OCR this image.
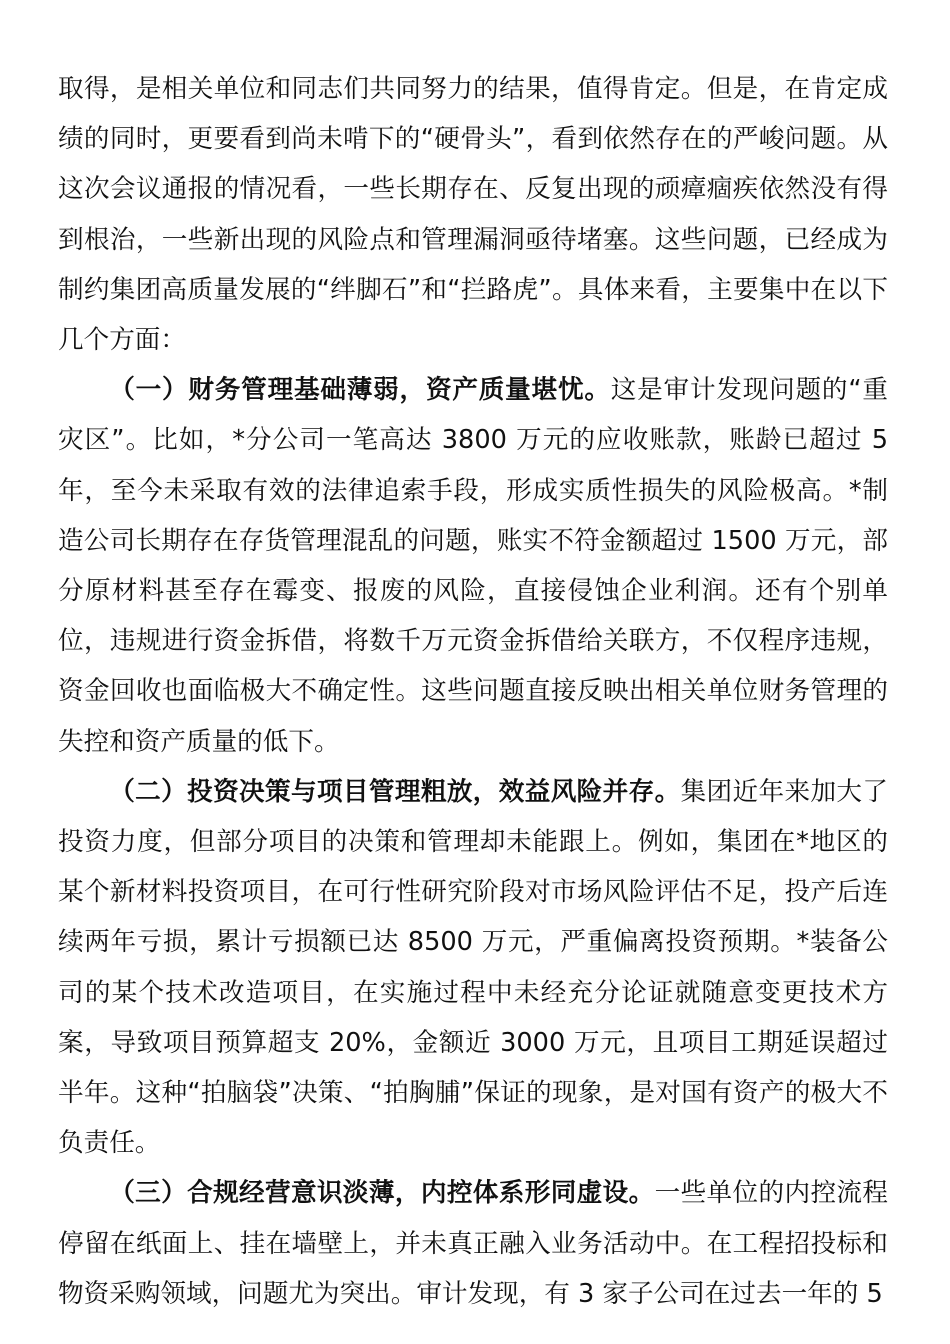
取得，是相关单位和同志们共同努力的结果，值得肯定。但是，在肯定成绩的同时，更要看到尚未啃下的“硬骨头”，看到依然存在的严峻问题。从这次会议通报的情况看，一些长期存在、反复出现的顽瘴痼疾依然没有得到根治，一些新出现的风险点和管理漏洞亟待堵塞。这些问题，已经成为制约集团高质量发展的“绊脚石”和“拦路虎”。具体来看，主要集中在以下几个方面：

（一）财务管理基础薄弱，资产质量堪忧。这是审计发现问题的“重灾区”。比如，*分公司一笔高达 3800 万元的应收账款，账龄已超过 5 年，至今未采取有效的法律追索手段，形成实质性损失的风险极高。*制造公司长期存在存货管理混乱的问题，账实不符金额超过 1500 万元，部分原材料甚至存在霉变、报废的风险，直接侵蚀企业利润。还有个别单位，违规进行资金拆借，将数千万元资金拆借给关联方，不仅程序违规，资金回收也面临极大不确定性。这些问题直接反映出相关单位财务管理的失控和资产质量的低下。

（二）投资决策与项目管理粗放，效益风险并存。集团近年来加大了投资力度，但部分项目的决策和管理却未能跟上。例如，集团在*地区的某个新材料投资项目，在可行性研究阶段对市场风险评估不足，投产后连续两年亏损，累计亏损额已达 8500 万元，严重偏离投资预期。*装备公司的某个技术改造项目，在实施过程中未经充分论证就随意变更技术方案，导致项目预算超支 20%，金额近 3000 万元，且项目工期延误超过半年。这种“拍脑袋”决策、“拍胸脯”保证的现象，是对国有资产的极大不负责任。

（三）合规经营意识淡薄，内控体系形同虚设。一些单位的内控流程停留在纸面上、挂在墙壁上，并未真正融入业务活动中。在工程招投标和物资采购领域，问题尤为突出。审计发现，有 3 家子公司在过去一年的 5
